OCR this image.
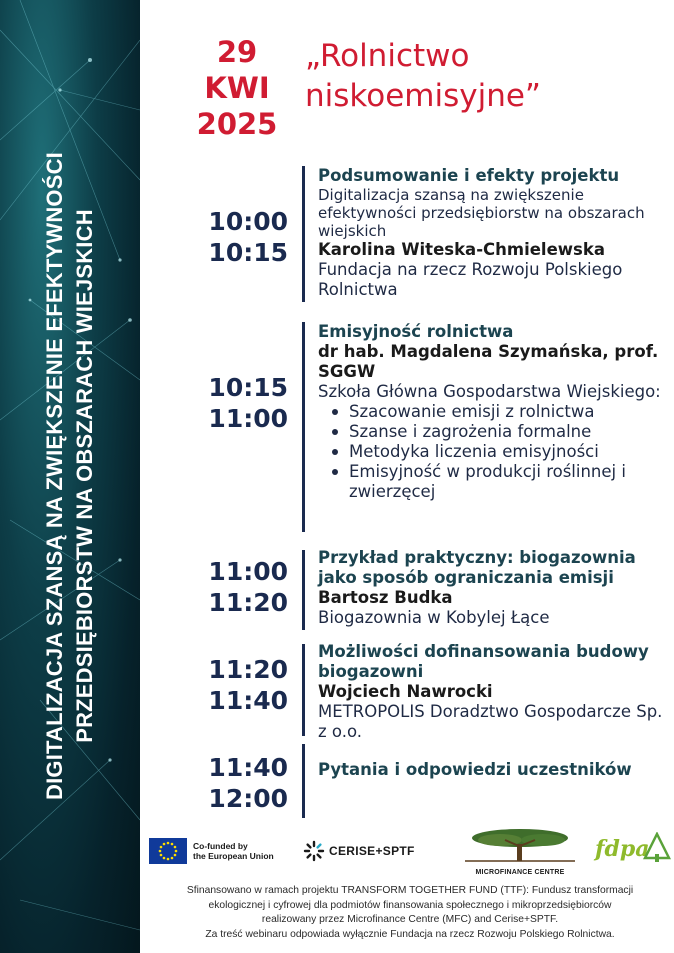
DIGITALIZACJA SZANSĄ NA ZWIĘKSZENIE EFEKTYWNOŚCI PRZEDSIĘBIORSTW NA OBSZARACH WIEJSKICH
29
KWI
2025
„Rolnictwo
niskoemisyjne”
10:00
10:15
Podsumowanie i efekty projektu
Digitalizacja szansą na zwiększenie efektywności przedsiębiorstw na obszarach wiejskich
Karolina Witeska-Chmielewska
Fundacja na rzecz Rozwoju Polskiego Rolnictwa
10:15
11:00
Emisyjność rolnictwa
dr hab. Magdalena Szymańska, prof. SGGW
Szkoła Główna Gospodarstwa Wiejskiego:
Szacowanie emisji z rolnictwa
Szanse i zagrożenia formalne
Metodyka liczenia emisyjności
Emisyjność w produkcji roślinnej i zwierzęcej
11:00
11:20
Przykład praktyczny: biogazownia jako sposób ograniczania emisji
Bartosz Budka
Biogazownia w Kobylej Łące
11:20
11:40
Możliwości dofinansowania budowy biogazowni
Wojciech Nawrocki
METROPOLIS Doradztwo Gospodarcze Sp. z o.o.
11:40
12:00
Pytania i odpowiedzi uczestników
Co-funded by
the European Union	CERISE+SPTF
MICROFINANCE CENTRE
fdpa
Sfinansowano w ramach projektu TRANSFORM TOGETHER FUND (TTF): Fundusz transformacji
ekologicznej i cyfrowej dla podmiotów finansowania społecznego i mikroprzedsiębiorców
realizowany przez Microfinance Centre (MFC) and Cerise+SPTF.
Za treść webinaru odpowiada wyłącznie Fundacja na rzecz Rozwoju Polskiego Rolnictwa.
